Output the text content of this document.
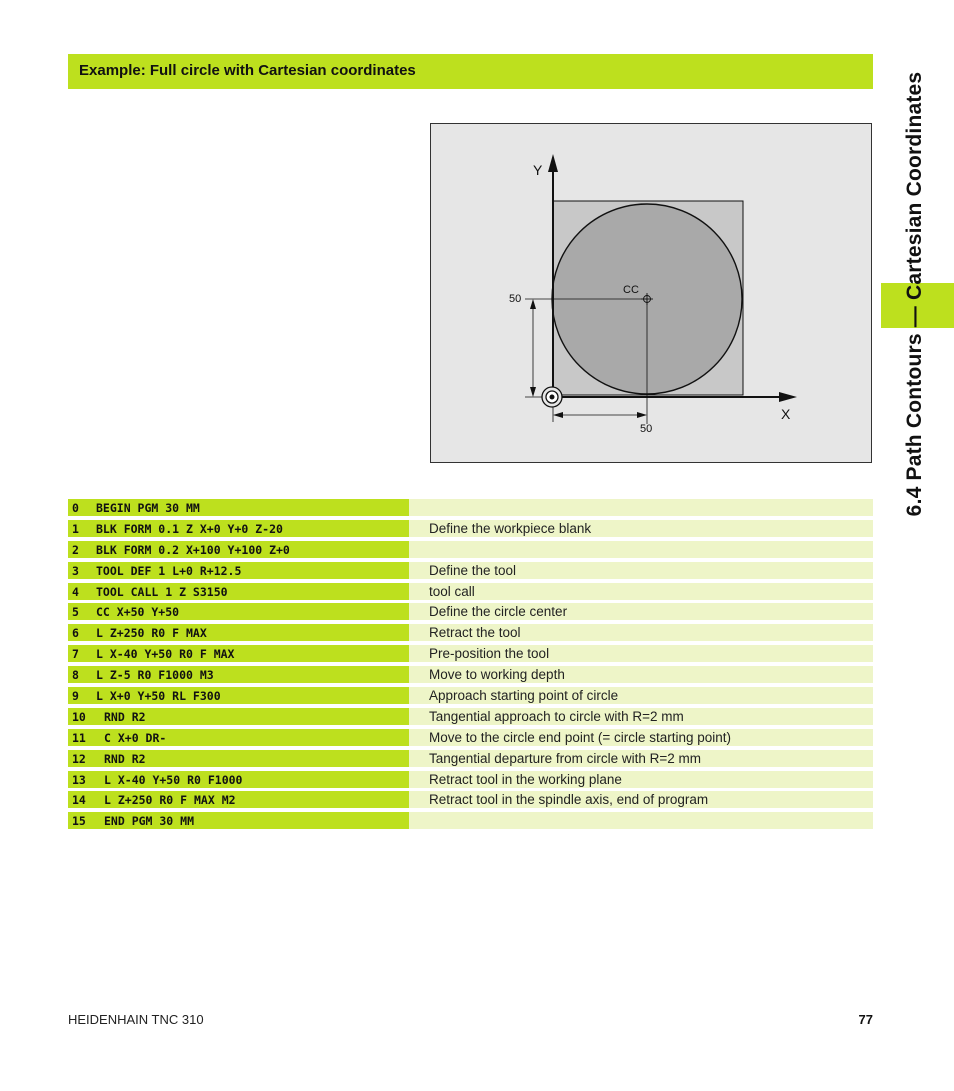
Example: Full circle with Cartesian coordinates
6.4 Path Contours — Cartesian Coordinates
Y
X
CC
50
50
0 BEGIN PGM 30 MM
1 BLK FORM 0.1 Z X+0 Y+0 Z-20	Define the workpiece blank
2 BLK FORM 0.2 X+100 Y+100 Z+0
3 TOOL DEF 1 L+0 R+12.5	Define the tool
4 TOOL CALL 1 Z S3150	tool call
5 CC X+50 Y+50	Define the circle center
6 L Z+250 R0 F MAX	Retract the tool
7 L X-40 Y+50 R0 F MAX	Pre-position the tool
8 L Z-5 R0 F1000 M3	Move to working depth
9 L X+0 Y+50 RL F300	Approach starting point of circle
10 RND R2	Tangential approach to circle with R=2 mm
11 C X+0 DR-	Move to the circle end point (= circle starting point)
12 RND R2	Tangential departure from circle with R=2 mm
13 L X-40 Y+50 R0 F1000	Retract tool in the working plane
14 L Z+250 R0 F MAX M2	Retract tool in the spindle axis, end of program
15 END PGM 30 MM
HEIDENHAIN TNC 310	77
